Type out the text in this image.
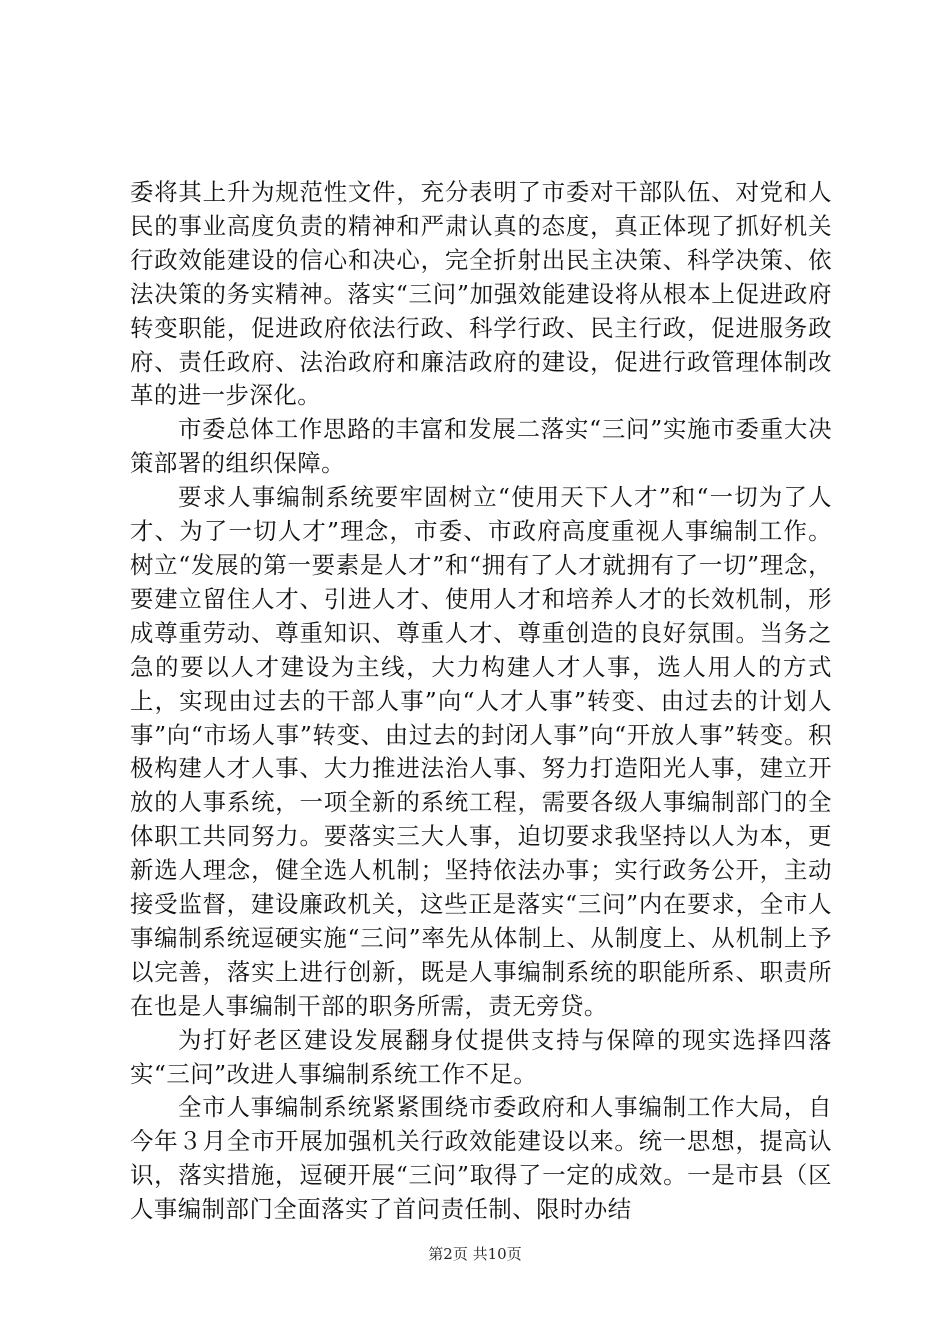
委将其上升为规范性文件，充分表明了市委对干部队伍、对党和人民的事业高度负责的精神和严肃认真的态度，真正体现了抓好机关行政效能建设的信心和决心，完全折射出民主决策、科学决策、依法决策的务实精神。落实“三问”加强效能建设将从根本上促进政府转变职能，促进政府依法行政、科学行政、民主行政，促进服务政府、责任政府、法治政府和廉洁政府的建设，促进行政管理体制改革的进一步深化。

市委总体工作思路的丰富和发展二落实“三问”实施市委重大决策部署的组织保障。

要求人事编制系统要牢固树立“使用天下人才”和“一切为了人才、为了一切人才”理念，市委、市政府高度重视人事编制工作。树立“发展的第一要素是人才”和“拥有了人才就拥有了一切”理念，要建立留住人才、引进人才、使用人才和培养人才的长效机制，形成尊重劳动、尊重知识、尊重人才、尊重创造的良好氛围。当务之急的要以人才建设为主线，大力构建人才人事，选人用人的方式上，实现由过去的干部人事”向“人才人事”转变、由过去的计划人事”向“市场人事”转变、由过去的封闭人事”向“开放人事”转变。积极构建人才人事、大力推进法治人事、努力打造阳光人事，建立开放的人事系统，一项全新的系统工程，需要各级人事编制部门的全体职工共同努力。要落实三大人事，迫切要求我坚持以人为本，更新选人理念，健全选人机制；坚持依法办事；实行政务公开，主动接受监督，建设廉政机关，这些正是落实“三问”内在要求，全市人事编制系统逗硬实施“三问”率先从体制上、从制度上、从机制上予以完善，落实上进行创新，既是人事编制系统的职能所系、职责所在也是人事编制干部的职务所需，责无旁贷。

为打好老区建设发展翻身仗提供支持与保障的现实选择四落实“三问”改进人事编制系统工作不足。

全市人事编制系统紧紧围绕市委政府和人事编制工作大局，自今年３月全市开展加强机关行政效能建设以来。统一思想，提高认识，落实措施，逗硬开展“三问”取得了一定的成效。一是市县（区人事编制部门全面落实了首问责任制、限时办结

第2页 共10页
